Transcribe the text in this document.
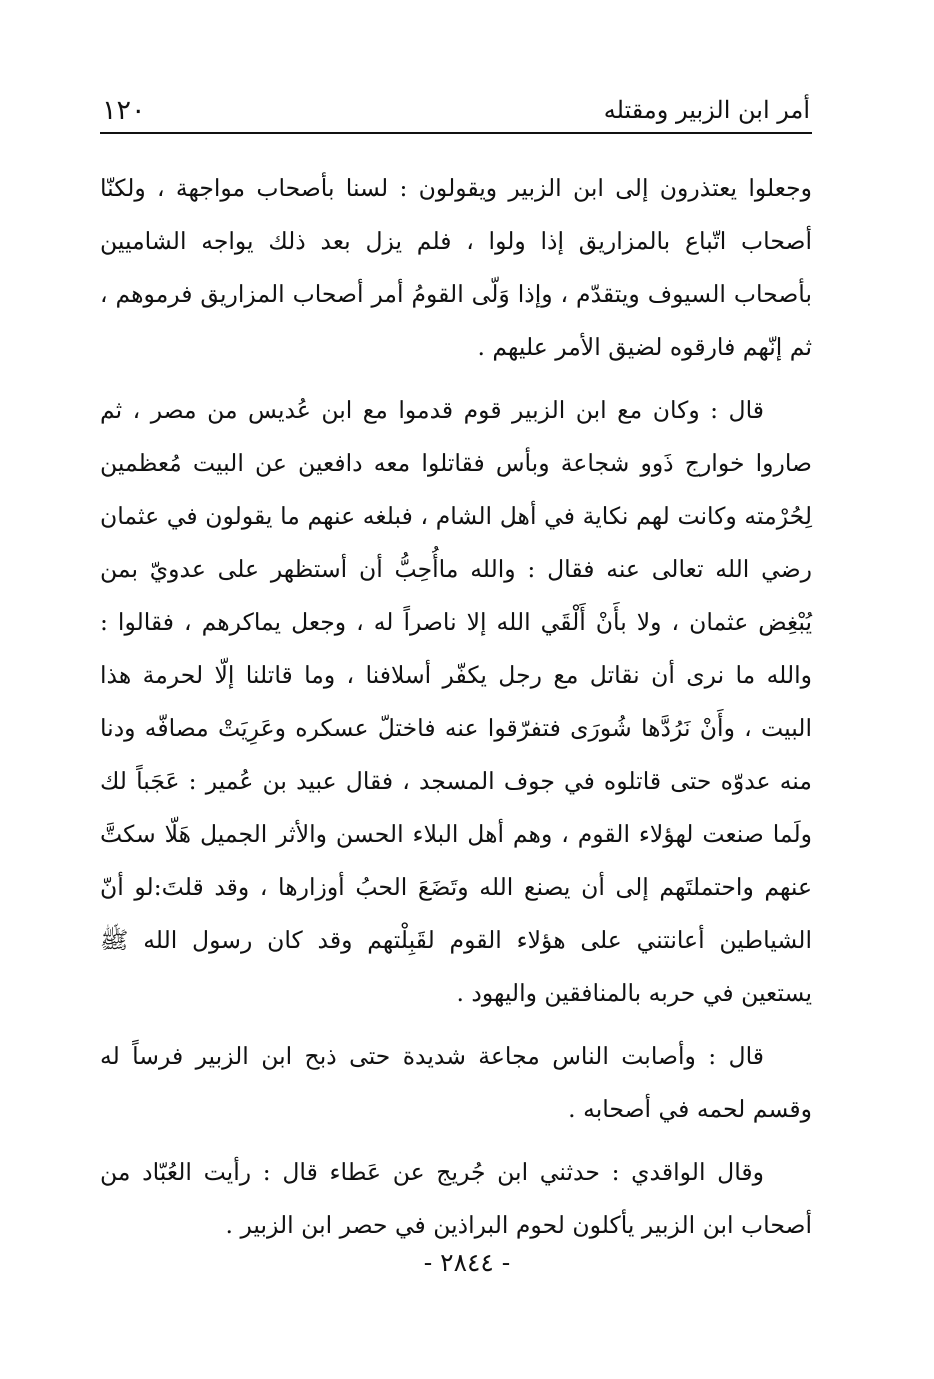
أمر ابن الزبير ومقتله
١٢٠

وجعلوا يعتذرون إلى ابن الزبير ويقولون : لسنا بأصحاب مواجهة ، ولكنّا أصحاب اتّباع بالمزاريق إذا ولوا ، فلم يزل بعد ذلك يواجه الشاميين بأصحاب السيوف ويتقدّم ، وإذا وَلّى القومُ أمر أصحاب المزاريق فرموهم ، ثم إنّهم فارقوه لضيق الأمر عليهم .

قال : وكان مع ابن الزبير قوم قدموا مع ابن عُديس من مصر ، ثم صاروا خوارج ذَوو شجاعة وبأس فقاتلوا معه دافعين عن البيت مُعظمين لِحُرْمته وكانت لهم نكاية في أهل الشام ، فبلغه عنهم ما يقولون في عثمان رضي الله تعالى عنه فقال : والله ماأُحِبُّ أن أستظهر على عدويّ بمن يُبْغِض عثمان ، ولا بأَنْ أَلْقَي الله إلا ناصراً له ، وجعل يماكرهم ، فقالوا : والله ما نرى أن نقاتل مع رجل يكفّر أسلافنا ، وما قاتلنا إلّا لحرمة هذا البيت ، وأَنْ نَرُدَّها شُورَى فتفرّقوا عنه فاختلّ عسكره وعَرِيَتْ مصافّه ودنا منه عدوّه حتى قاتلوه في جوف المسجد ، فقال عبيد بن عُمير : عَجَباً لك ولَما صنعت لهؤلاء القوم ، وهم أهل البلاء الحسن والأثر الجميل هَلّا سكتَّ عنهم واحتملتَهم إلى أن يصنع الله وتَضَعَ الحبُ أوزارها ، وقد قلتَ:لو أنّ الشياطين أعانتني على هؤلاء القوم لقَبِلْتهم وقد كان رسول الله ﷺ يستعين في حربه بالمنافقين واليهود .

قال : وأصابت الناس مجاعة شديدة حتى ذبح ابن الزبير فرساً له وقسم لحمه في أصحابه .

وقال الواقدي : حدثني ابن جُريج عن عَطاء قال : رأيت العُبّاد من أصحاب ابن الزبير يأكلون لحوم البراذين في حصر ابن الزبير .

- ٢٨٤٤ -
